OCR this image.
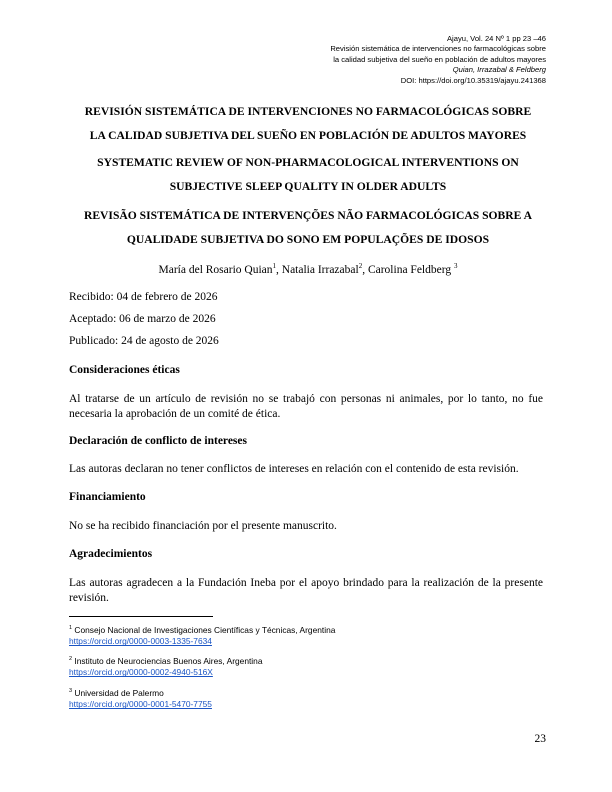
Ajayu, Vol. 24 Nº 1 pp 23 –46
Revisión sistemática de intervenciones no farmacológicas sobre
la calidad subjetiva del sueño en población de adultos mayores
Quian, Irrazabal & Feldberg
DOI: https://doi.org/10.35319/ajayu.241368
REVISIÓN SISTEMÁTICA DE INTERVENCIONES NO FARMACOLÓGICAS SOBRE
LA CALIDAD SUBJETIVA DEL SUEÑO EN POBLACIÓN DE ADULTOS MAYORES
SYSTEMATIC REVIEW OF NON-PHARMACOLOGICAL INTERVENTIONS ON
SUBJECTIVE SLEEP QUALITY IN OLDER ADULTS
REVISÃO SISTEMÁTICA DE INTERVENÇÕES NÃO FARMACOLÓGICAS SOBRE A
QUALIDADE SUBJETIVA DO SONO EM POPULAÇÕES DE IDOSOS
María del Rosario Quian$^1$, Natalia Irrazabal$^2$, Carolina Feldberg $^3$
Recibido: 04 de febrero de 2026
Aceptado: 06 de marzo de 2026
Publicado: 24 de agosto de 2026
Consideraciones éticas
Al tratarse de un artículo de revisión no se trabajó con personas ni animales, por lo tanto, no fue necesaria la aprobación de un comité de ética.
Declaración de conflicto de intereses
Las autoras declaran no tener conflictos de intereses en relación con el contenido de esta revisión.
Financiamiento
No se ha recibido financiación por el presente manuscrito.
Agradecimientos
Las autoras agradecen a la Fundación Ineba por el apoyo brindado para la realización de la presente revisión.
$^1$ Consejo Nacional de Investigaciones Científicas y Técnicas, Argentina
https://orcid.org/0000-0003-1335-7634
$^2$ Instituto de Neurociencias Buenos Aires, Argentina
https://orcid.org/0000-0002-4940-516X
$^3$ Universidad de Palermo
https://orcid.org/0000-0001-5470-7755
23
